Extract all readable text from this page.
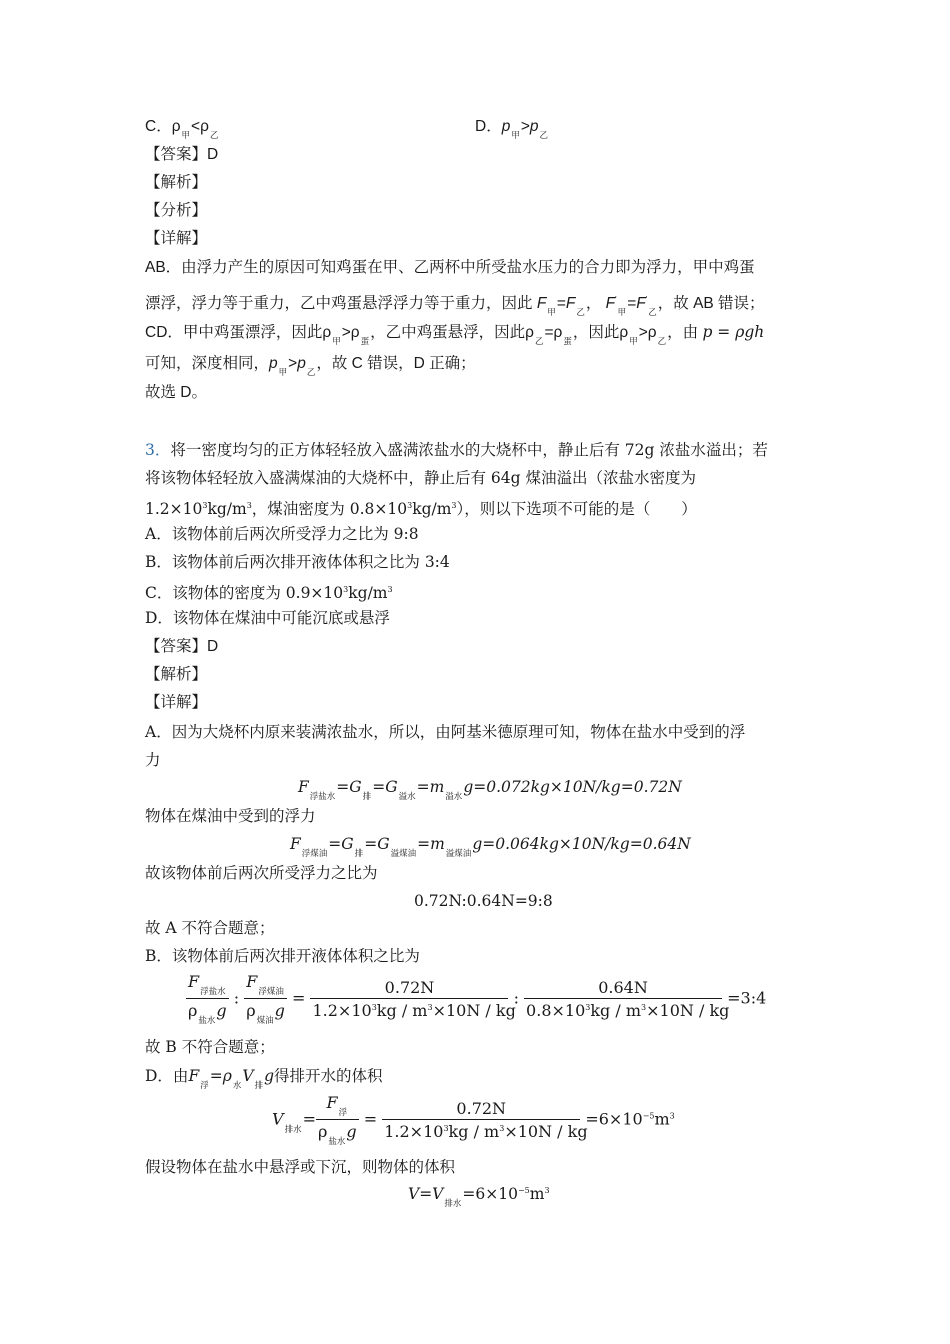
C．$\rho_甲<\rho_乙$	D．$p_甲>p_乙$
【答案】D
【解析】
【分析】
【详解】
AB．由浮力产生的原因可知鸡蛋在甲、乙两杯中所受盐水压力的合力即为浮力，甲中鸡蛋
漂浮，浮力等于重力，乙中鸡蛋悬浮浮力等于重力，因此 $F_甲=F_乙$， $F'_甲=F'_乙$，故 AB 错误；
CD．甲中鸡蛋漂浮，因此$\rho_甲>\rho_蛋$，乙中鸡蛋悬浮，因此$\rho_乙=\rho_蛋$，因此$\rho_甲>\rho_乙$，由 p = ρgh
可知，深度相同，$p_甲>p_乙$，故 C 错误，D 正确；
故选 D。
3．将一密度均匀的正方体轻轻放入盛满浓盐水的大烧杯中，静止后有 72g 浓盐水溢出；若
将该物体轻轻放入盛满煤油的大烧杯中，静止后有 64g 煤油溢出（浓盐水密度为
$1.2\times 10^3kg/m^3$，煤油密度为 $0.8\times 10^3kg/m^3$），则以下选项不可能的是（　　）
A．该物体前后两次所受浮力之比为 9:8
B．该物体前后两次排开液体体积之比为 3:4
C．该物体的密度为 $0.9\times 10^3kg/m^3$
D．该物体在煤油中可能沉底或悬浮
【答案】D
【解析】
【详解】
A．因为大烧杯内原来装满浓盐水，所以，由阿基米德原理可知，物体在盐水中受到的浮
力
$F_{浮盐水}=G_排=G_{溢水}=m_{溢水}g=0.072kg\times 10N/kg=0.72N$
物体在煤油中受到的浮力
$F_{浮煤油}=G_排=G_{溢煤油}=m_{溢煤油}g=0.064kg\times 10N/kg=0.64N$
故该物体前后两次所受浮力之比为
0.72N:0.64N=9:8
故 A 不符合题意；
B．该物体前后两次排开液体体积之比为
$\frac{F_{浮盐水}}{\rho_{盐水}g}$ : $\frac{F_{浮煤油}}{\rho_{煤油}g} = \frac{0.72N}{1.2\times 10^3kg / m^3\times 10N / kg}$ : $\frac{0.64N}{0.8\times 10^3kg / m^3\times 10N / kg}$ =3:4
故 B 不符合题意；
D．由$F_浮=\rho_水V_排g$得排开水的体积
$V_{排水}= \frac{F_浮}{\rho_{盐水}g} = \frac{0.72N}{1.2\times 10^3kg / m^3\times 10N / kg} =6\times 10^{-5}m^3$
假设物体在盐水中悬浮或下沉，则物体的体积
$V=V_{排水}=6\times 10^{-5}m^3$
